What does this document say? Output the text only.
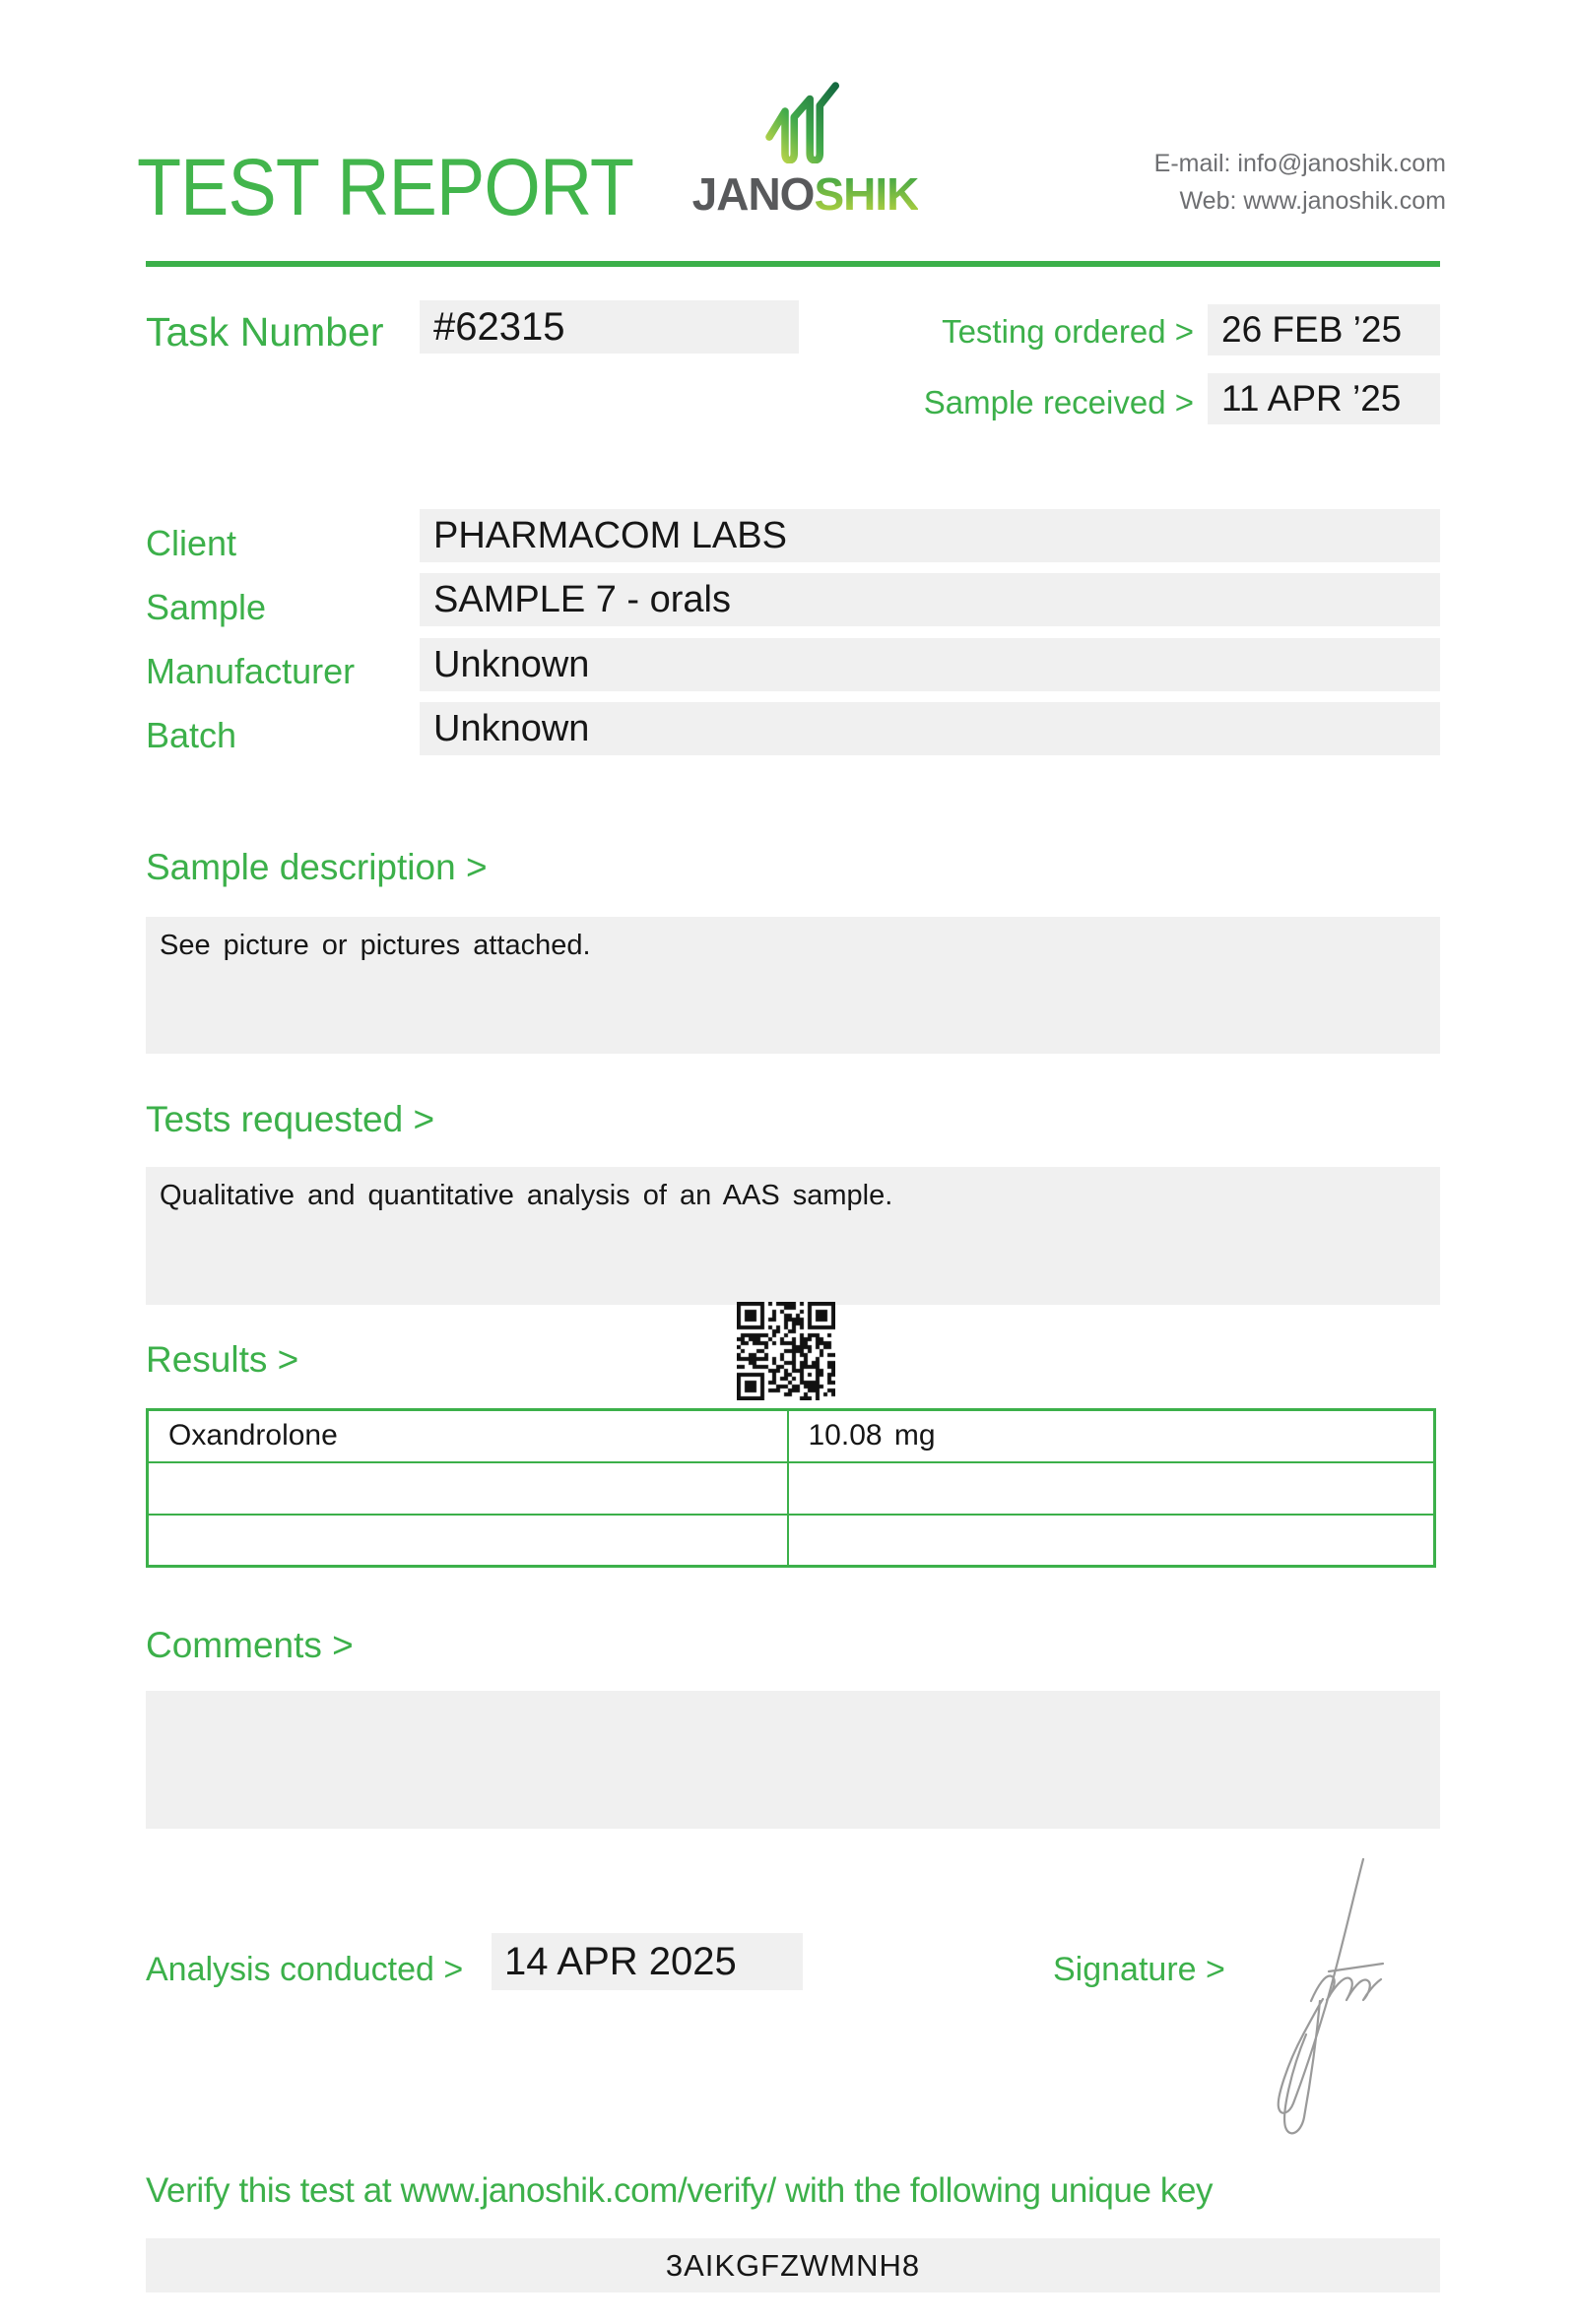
TEST REPORT JANOSHIK
E-mail: info@janoshik.com
Web: www.janoshik.com
Task Number	#62315	Testing ordered > 26 FEB ’25
Sample received > 11 APR ’25
Client	PHARMACOM LABS
Sample	SAMPLE 7 - orals
Manufacturer	Unknown
Batch	Unknown
Sample description >
See picture or pictures attached.
Tests requested >
Qualitative and quantitative analysis of an AAS sample.
Results >
Oxandrolone	10.08 mg

Comments >
Analysis conducted >	14 APR 2025	Signature >
Verify this test at www.janoshik.com/verify/ with the following unique key
3AIKGFZWMNH8
